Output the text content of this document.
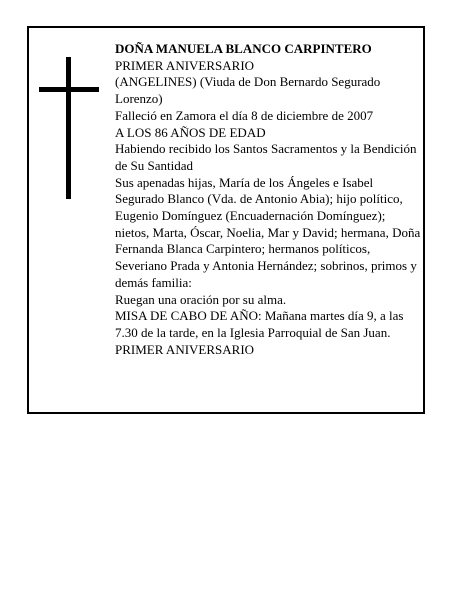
DOÑA MANUELA BLANCO CARPINTERO

PRIMER ANIVERSARIO

(ANGELINES) (Viuda de Don Bernardo Segurado Lorenzo)

Falleció en Zamora el día 8 de diciembre de 2007

A LOS 86 AÑOS DE EDAD

Habiendo recibido los Santos Sacramentos y la Bendición de Su Santidad

Sus apenadas hijas, María de los Ángeles e Isabel Segurado Blanco (Vda. de Antonio Abia); hijo político, Eugenio Domínguez (Encuadernación Domínguez); nietos, Marta, Óscar, Noelia, Mar y David; hermana, Doña Fernanda Blanca Carpintero; hermanos políticos, Severiano Prada y Antonia Hernández; sobrinos, primos y demás familia:

Ruegan una oración por su alma.

MISA DE CABO DE AÑO: Mañana martes día 9, a las 7.30 de la tarde, en la Iglesia Parroquial de San Juan.

PRIMER ANIVERSARIO
